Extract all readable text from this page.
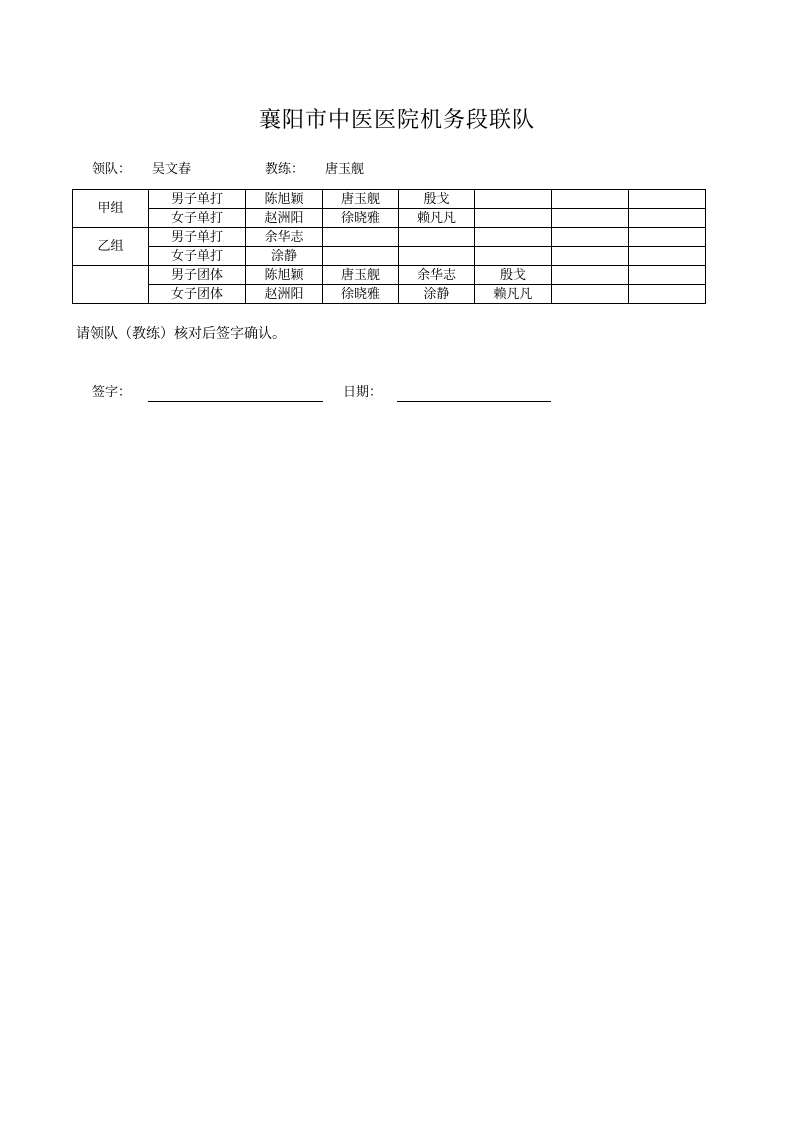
襄阳市中医医院机务段联队
领队： 吴文春	教练： 唐玉舰
甲组	男子单打	陈旭颖	唐玉舰	殷戈			
	女子单打	赵洲阳	徐晓雅	赖凡凡			
乙组	男子单打	余华志					
	女子单打	涂静					
	男子团体	陈旭颖	唐玉舰	余华志	殷戈		
	女子团体	赵洲阳	徐晓雅	涂静	赖凡凡		
请领队（教练）核对后签字确认。
签字：	日期：
